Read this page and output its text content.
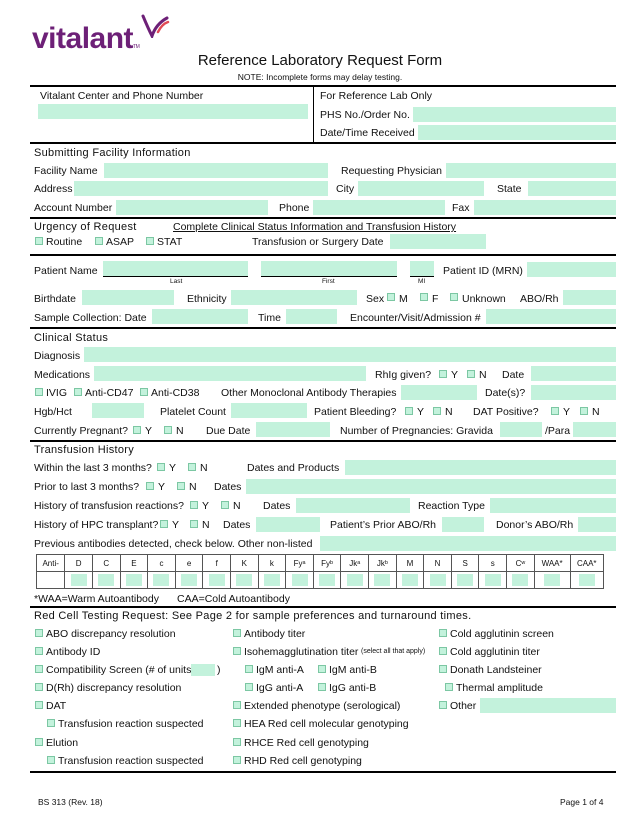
vitalantTM
Reference Laboratory Request Form
NOTE: Incomplete forms may delay testing.
Vitalant Center and Phone Number	For Reference Lab Only
PHS No./Order No.
Date/Time Received
Submitting Facility Information
Facility Name	Requesting Physician
Address	City	State
Account Number	Phone	Fax
Urgency of Request	Complete Clinical Status Information and Transfusion History
Routine ASAP STAT	Transfusion or Surgery Date
Patient Name
Last	First	MI
Patient ID (MRN)
Birthdate	Ethnicity	Sex M F Unknown ABO/Rh
Sample Collection: Date	Time	Encounter/Visit/Admission #
Clinical Status
Diagnosis
Medications	RhIg given? Y N Date
IVIG Anti-CD47 Anti-CD38 Other Monoclonal Antibody Therapies	Date(s)?
Hgb/Hct	Platelet Count	Patient Bleeding? Y N DAT Positive? Y N
Currently Pregnant? Y N Due Date	Number of Pregnancies: Gravida	/Para
Transfusion History
Within the last 3 months? Y N	Dates and Products
Prior to last 3 months? Y N Dates
History of transfusion reactions? Y N Dates	Reaction Type
History of HPC transplant? Y N Dates	Patient’s Prior ABO/Rh	Donor’s ABO/Rh
Previous antibodies detected, check below. Other non-listed
Anti-	D	C	E	c	e	f	K	k	Fyᵃ	Fyᵇ	Jkᵃ	Jkᵇ	M	N	S	s	Cʷ	WAA*	CAA*

*WAA=Warm Autoantibody CAA=Cold Autoantibody
Red Cell Testing Request: See Page 2 for sample preferences and turnaround times.
ABO discrepancy resolution
Antibody ID
Compatibility Screen (# of units )
D(Rh) discrepancy resolution
DAT
Transfusion reaction suspected
Elution
Transfusion reaction suspected
Antibody titer
Isohemagglutination titer (select all that apply)
IgM anti-A IgM anti-B
IgG anti-A IgG anti-B
Extended phenotype (serological)
HEA Red cell molecular genotyping
RHCE Red cell genotyping
RHD Red cell genotyping
Cold agglutinin screen
Cold agglutinin titer
Donath Landsteiner
Thermal amplitude
Other
BS 313 (Rev. 18)	Page 1 of 4
